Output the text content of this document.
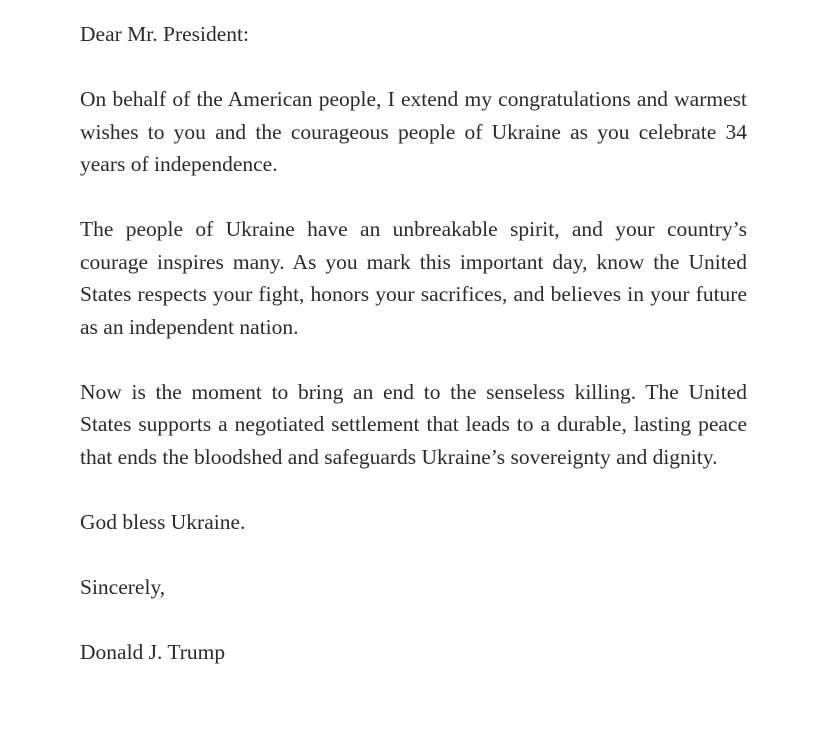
Dear Mr. President:

On behalf of the American people, I extend my congratulations and warmest wishes to you and the courageous people of Ukraine as you celebrate 34 years of independence.

The people of Ukraine have an unbreakable spirit, and your country’s courage inspires many. As you mark this important day, know the United States respects your fight, honors your sacrifices, and believes in your future as an independent nation.

Now is the moment to bring an end to the senseless killing. The United States supports a negotiated settlement that leads to a durable, lasting peace that ends the bloodshed and safeguards Ukraine’s sovereignty and dignity.

God bless Ukraine.

Sincerely,

Donald J. Trump
